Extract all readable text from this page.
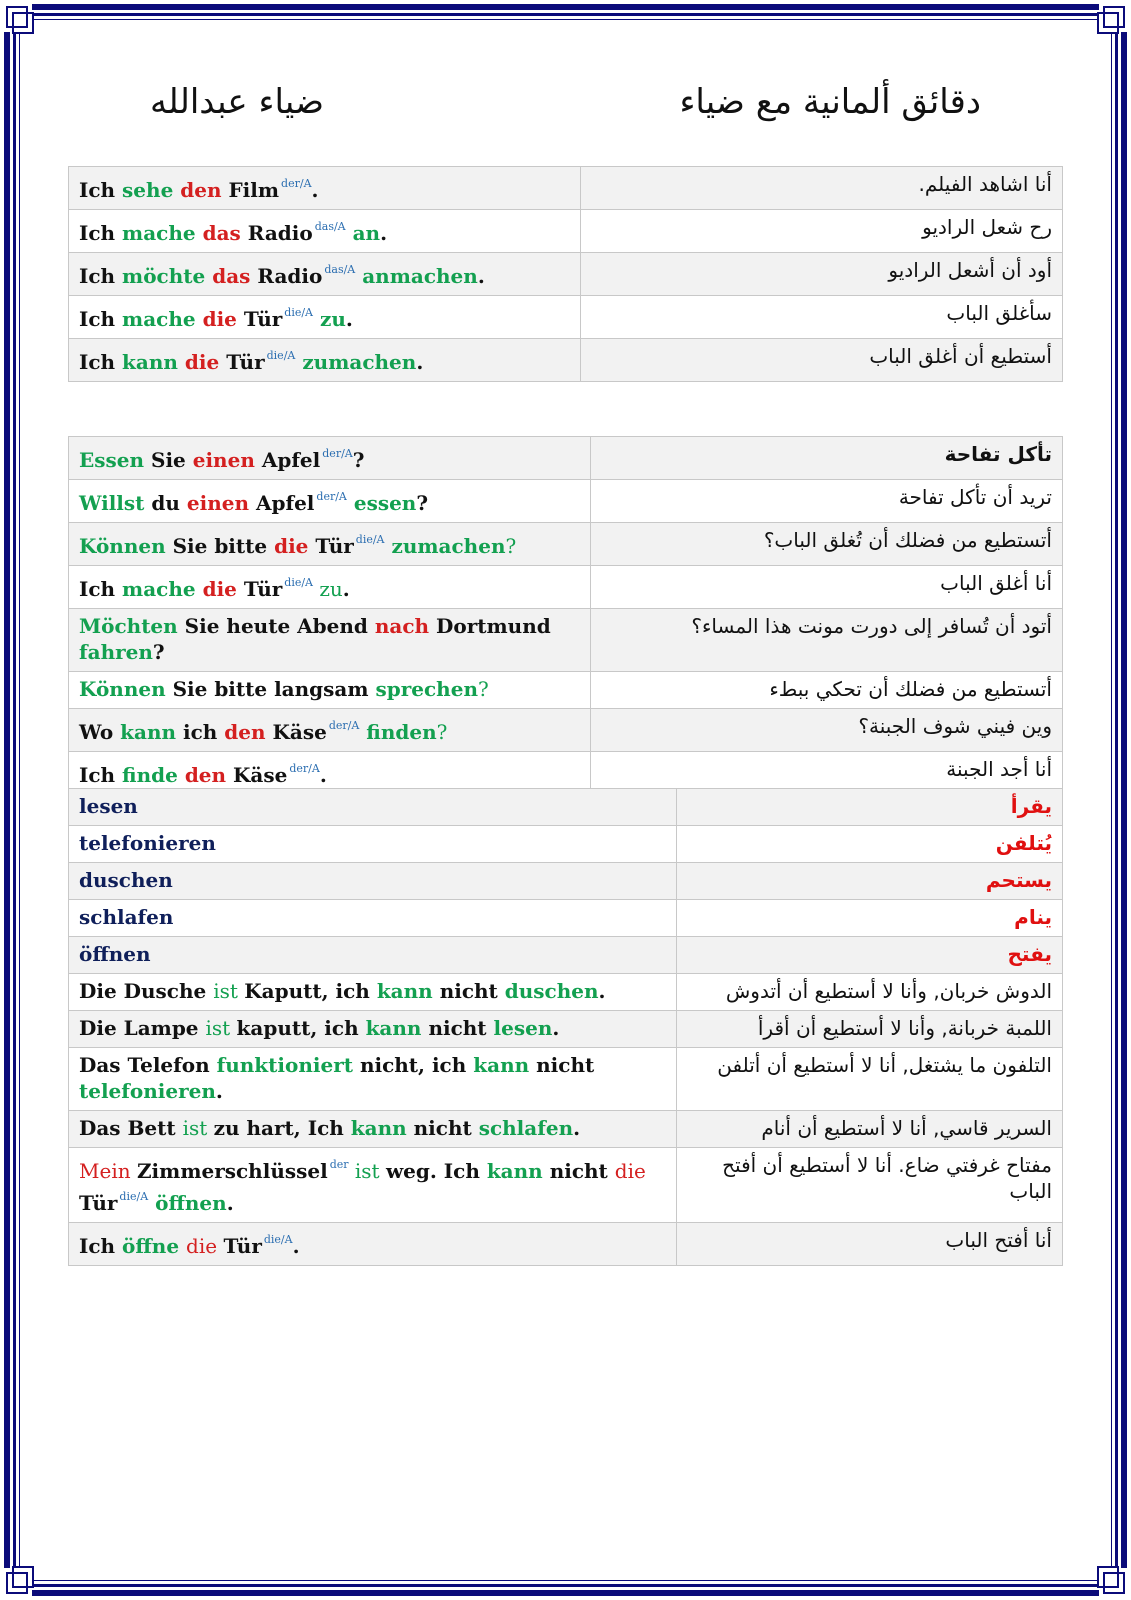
ضياء عبدالله	دقائق ألمانية مع ضياء
Ich sehe den Film $^{der/A}$.	أنا اشاهد الفيلم.
Ich mache das Radio $^{das/A}$ an.	رح شعل الراديو
Ich möchte das Radio $^{das/A}$ anmachen.	أود أن أشعل الراديو
Ich mache die Tür $^{die/A}$ zu.	سأغلق الباب
Ich kann die Tür $^{die/A}$ zumachen.	أستطيع أن أغلق الباب
Essen Sie einen Apfel $^{der/A}$?	تأكل تفاحة
Willst du einen Apfel $^{der/A}$ essen?	تريد أن تأكل تفاحة
Können Sie bitte die Tür $^{die/A}$ zumachen?	أتستطيع من فضلك أن تُغلق الباب؟
Ich mache die Tür $^{die/A}$ zu.	أنا أغلق الباب
Möchten Sie heute Abend nach Dortmund fahren?	أتود أن تُسافر إلى دورت مونت هذا المساء؟
Können Sie bitte langsam sprechen?	أتستطيع من فضلك أن تحكي ببطء
Wo kann ich den Käse $^{der/A}$ finden?	وين فيني شوف الجبنة؟
Ich finde den Käse $^{der/A}$.	أنا أجد الجبنة
lesen	يقرأ
telefonieren	يُتلفن
duschen	يستحم
schlafen	ينام
öffnen	يفتح
Die Dusche ist Kaputt, ich kann nicht duschen.	الدوش خربان, وأنا لا أستطيع أن أتدوش
Die Lampe ist kaputt, ich kann nicht lesen.	اللمبة خربانة, وأنا لا أستطيع أن أقرأ
Das Telefon funktioniert nicht, ich kann nicht telefonieren.	التلفون ما يشتغل, أنا لا أستطيع أن أتلفن
Das Bett ist zu hart, Ich kann nicht schlafen.	السرير قاسي, أنا لا أستطيع أن أنام
Mein Zimmerschlüssel $^{der}$ ist weg. Ich kann nicht die Tür $^{die/A}$ öffnen.	مفتاح غرفتي ضاع. أنا لا أستطيع أن أفتح الباب
Ich öffne die Tür $^{die/A}$.	أنا أفتح الباب
